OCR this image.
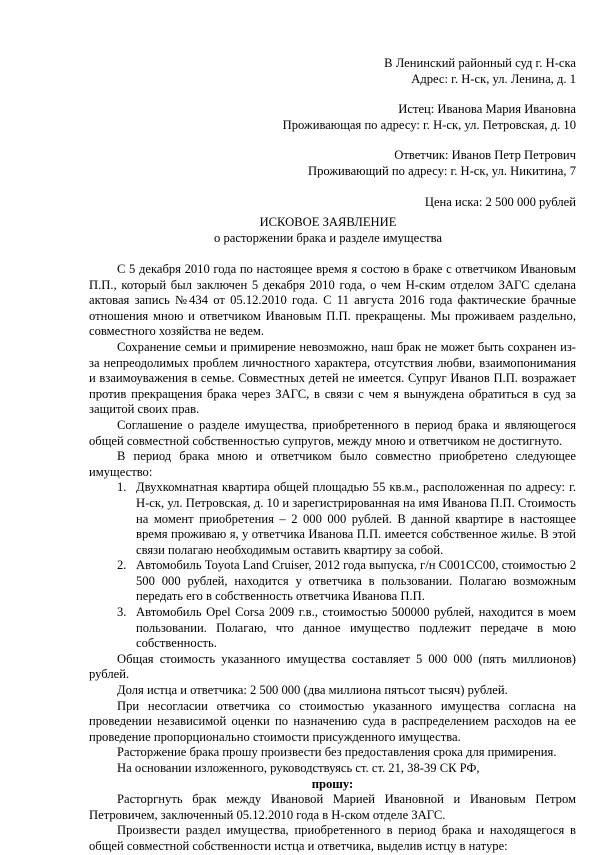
В Ленинский районный суд г. Н-ска

Адрес: г. Н-ск, ул. Ленина, д. 1

Истец: Иванова Мария Ивановна

Проживающая по адресу: г. Н-ск, ул. Петровская, д. 10

Ответчик: Иванов Петр Петрович

Проживающий по адресу: г. Н-ск, ул. Никитина, 7

Цена иска: 2 500 000 рублей

ИСКОВОЕ ЗАЯВЛЕНИЕ

о расторжении брака и разделе имущества

С 5 декабря 2010 года по настоящее время я состою в браке с ответчиком Ивановым П.П., который был заключен 5 декабря 2010 года, о чем Н-ским отделом ЗАГС сделана актовая запись №434 от 05.12.2010 года. С 11 августа 2016 года фактические брачные отношения мною и ответчиком Ивановым П.П. прекращены. Мы проживаем раздельно, совместного хозяйства не ведем.

Сохранение семьи и примирение невозможно, наш брак не может быть сохранен из-за непреодолимых проблем личностного характера, отсутствия любви, взаимопонимания и взаимоуважения в семье. Совместных детей не имеется. Супруг Иванов П.П. возражает против прекращения брака через ЗАГС, в связи с чем я вынуждена обратиться в суд за защитой своих прав.

Соглашение о разделе имущества, приобретенного в период брака и являющегося общей совместной собственностью супругов, между мною и ответчиком не достигнуто.

В период брака мною и ответчиком было совместно приобретено следующее имущество:

1. Двухкомнатная квартира общей площадью 55 кв.м., расположенная по адресу: г. Н-ск, ул. Петровская, д. 10 и зарегистрированная на имя Иванова П.П. Стоимость на момент приобретения – 2 000 000 рублей. В данной квартире в настоящее время проживаю я, у ответчика Иванова П.П. имеется собственное жилье. В этой связи полагаю необходимым оставить квартиру за собой.
2. Автомобиль Toyota Land Cruiser, 2012 года выпуска, г/н С001СС00, стоимостью 2 500 000 рублей, находится у ответчика в пользовании. Полагаю возможным передать его в собственность ответчика Иванова П.П.
3. Автомобиль Opel Corsa 2009 г.в., стоимостью 500000 рублей, находится в моем пользовании. Полагаю, что данное имущество подлежит передаче в мою собственность.

Общая стоимость указанного имущества составляет 5 000 000 (пять миллионов) рублей.

Доля истца и ответчика: 2 500 000 (два миллиона пятьсот тысяч) рублей.

При несогласии ответчика со стоимостью указанного имущества согласна на проведении независимой оценки по назначению суда в распределением расходов на ее проведение пропорционально стоимости присужденного имущества.

Расторжение брака прошу произвести без предоставления срока для примирения.

На основании изложенного, руководствуясь ст. ст. 21, 38-39 СК РФ,

прошу:

Расторгнуть брак между Ивановой Марией Ивановной и Ивановым Петром Петровичем, заключенный 05.12.2010 года в Н-ском отделе ЗАГС.

Произвести раздел имущества, приобретенного в период брака и находящегося в общей совместной собственности истца и ответчика, выделив истцу в натуре:
